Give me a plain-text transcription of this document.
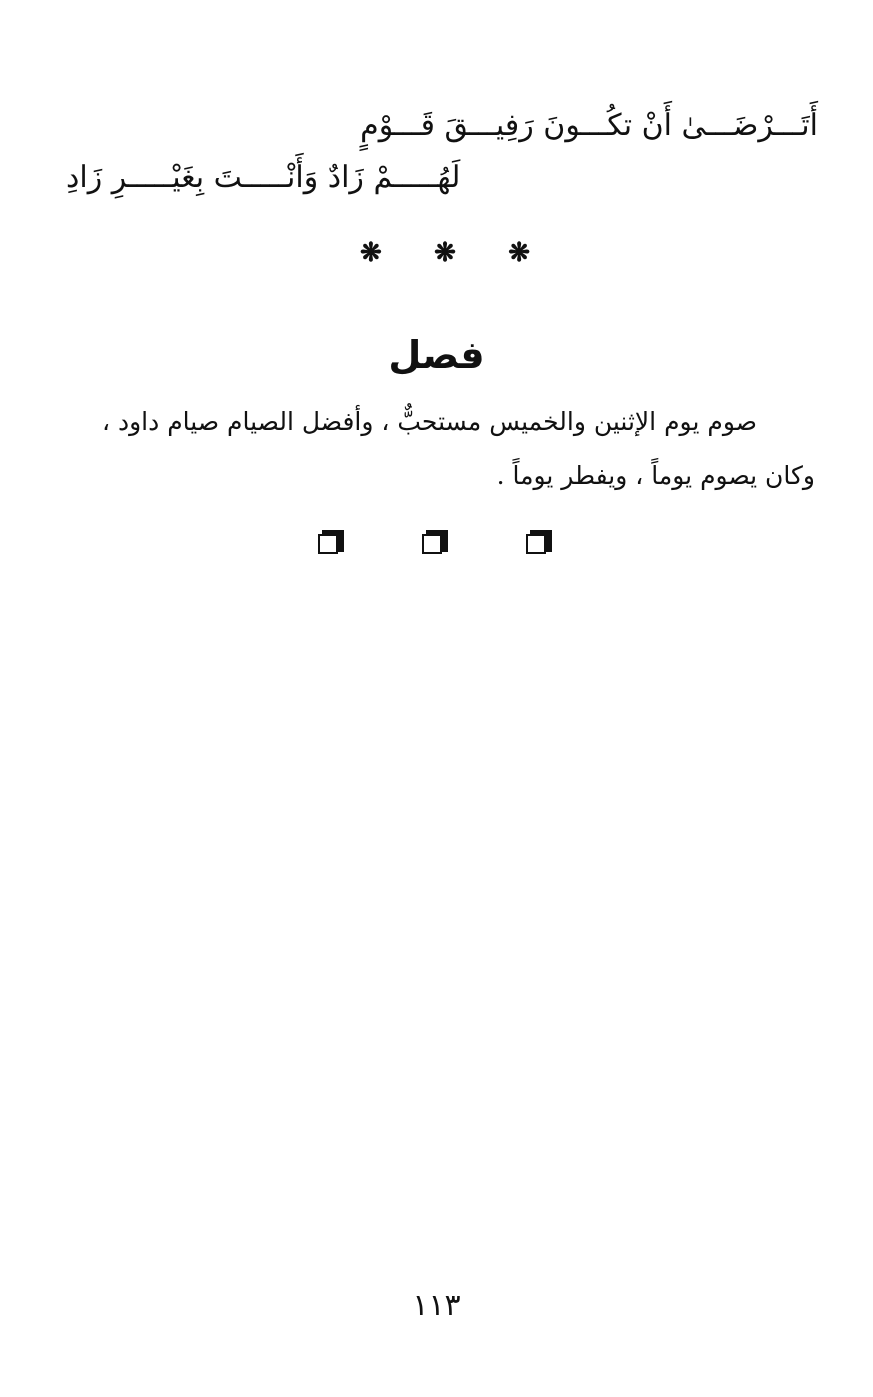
أَتَـــرْضَـــىٰ أَنْ تكُـــونَ رَفِيـــقَ قَـــوْمٍ
لَهُـــــمْ زَادٌ وَأَنْـــــتَ بِغَيْـــــرِ زَادِ
❋
❋
❋
فصل
صوم يوم الإثنين والخميس مستحبٌّ ، وأفضل الصيام صيام داود ،
وكان يصوم يوماً ، ويفطر يوماً .
١١٣
